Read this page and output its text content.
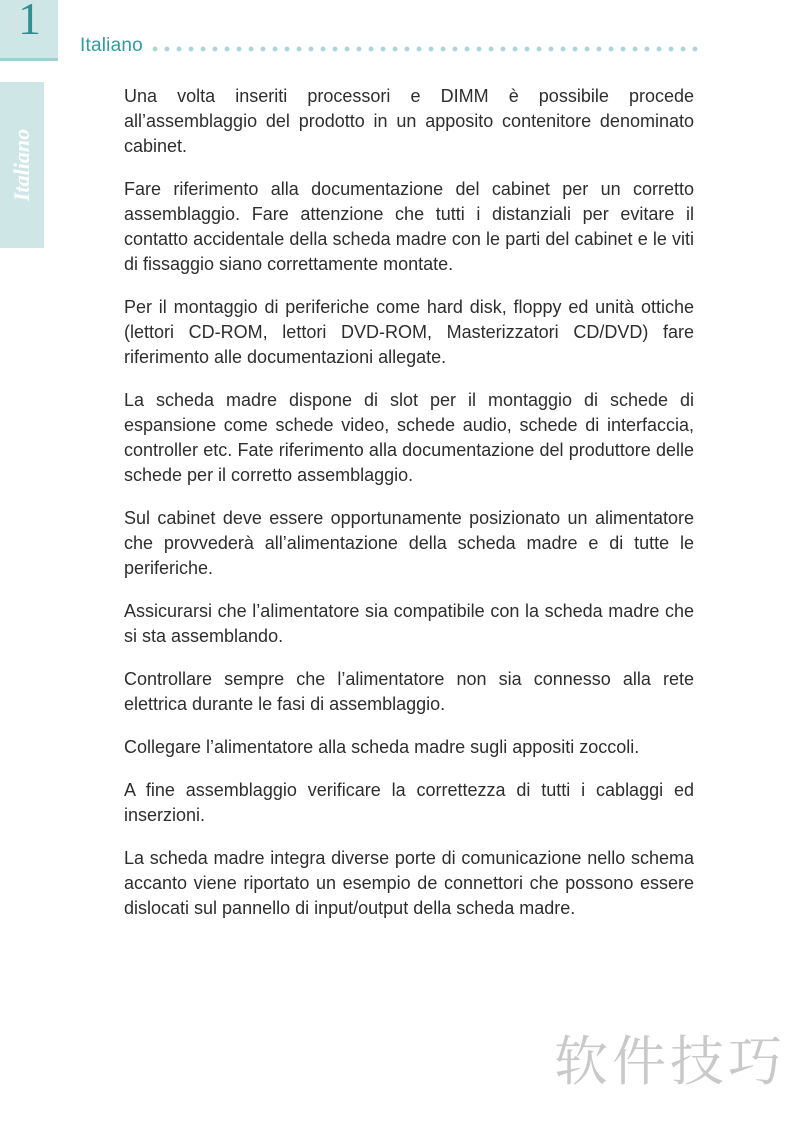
1
Italiano
Italiano

Una volta inseriti processori e DIMM è possibile procede all’assemblaggio del prodotto in un apposito contenitore denominato cabinet.

Fare riferimento alla documentazione del cabinet per un corretto assemblaggio. Fare attenzione che tutti i distanziali per evitare il contatto accidentale della scheda madre con le parti del cabinet e le viti di fissaggio siano correttamente montate.

Per il montaggio di periferiche come hard disk, floppy ed unità ottiche (lettori CD-ROM, lettori DVD-ROM, Masterizzatori CD/DVD) fare riferimento alle documentazioni allegate.

La scheda madre dispone di slot per il montaggio di schede di espansione come schede video, schede audio, schede di interfaccia, controller etc. Fate riferimento alla documentazione del produttore delle schede per il corretto assemblaggio.

Sul cabinet deve essere opportunamente posizionato un alimentatore che provvederà all’alimentazione della scheda madre e di tutte le periferiche.

Assicurarsi che l’alimentatore sia compatibile con la scheda madre che si sta assemblando.

Controllare sempre che l’alimentatore non sia connesso alla rete elettrica durante le fasi di assemblaggio.

Collegare l’alimentatore alla scheda madre sugli appositi zoccoli.

A fine assemblaggio verificare la correttezza di tutti i cablaggi ed inserzioni.

La scheda madre integra diverse porte di comunicazione nello schema accanto viene riportato un esempio de connettori che possono essere dislocati sul pannello di input/output della scheda madre.

软件技巧
